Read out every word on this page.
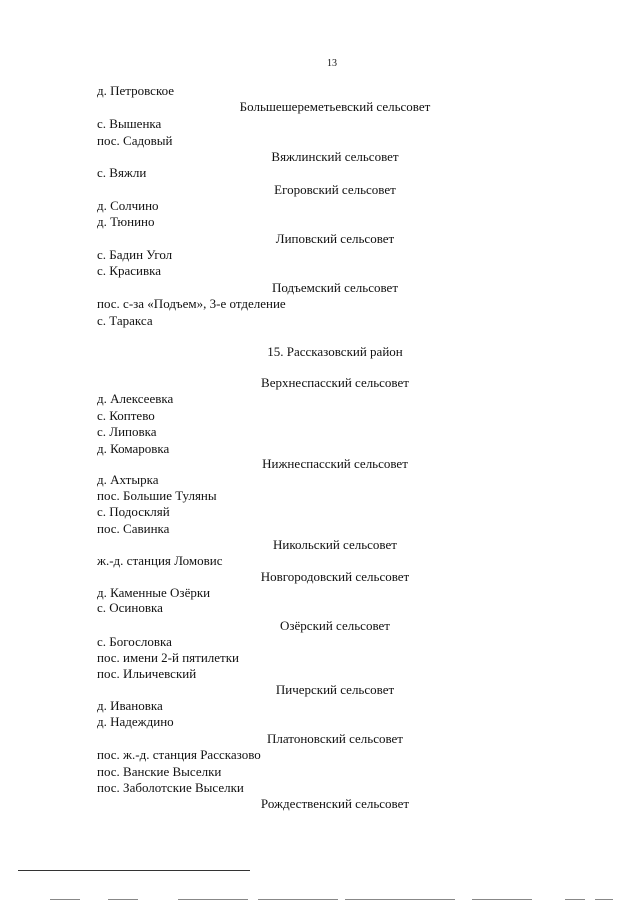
13
д. Петровское
Большешереметьевский сельсовет
с. Вышенка
пос. Садовый
Вяжлинский сельсовет
с. Вяжли
Егоровский сельсовет
д. Солчино
д. Тюнино
Липовский сельсовет
с. Бадин Угол
с. Красивка
Подъемский сельсовет
пос. с-за «Подъем», 3-е отделение
с. Таракса
15. Рассказовский район
Верхнеспасский сельсовет
д. Алексеевка
с. Коптево
с. Липовка
д. Комаровка
Нижнеспасский сельсовет
д. Ахтырка
пос. Большие Туляны
с. Подоскляй
пос. Савинка
Никольский сельсовет
ж.-д. станция Ломовис
Новгородовский сельсовет
д. Каменные Озёрки
с. Осиновка
Озёрский сельсовет
с. Богословка
пос. имени 2-й пятилетки
пос. Ильичевский
Пичерский сельсовет
д. Ивановка
д. Надеждино
Платоновский сельсовет
пос. ж.-д. станция Рассказово
пос. Ванские Выселки
пос. Заболотские Выселки
Рождественский сельсовет
